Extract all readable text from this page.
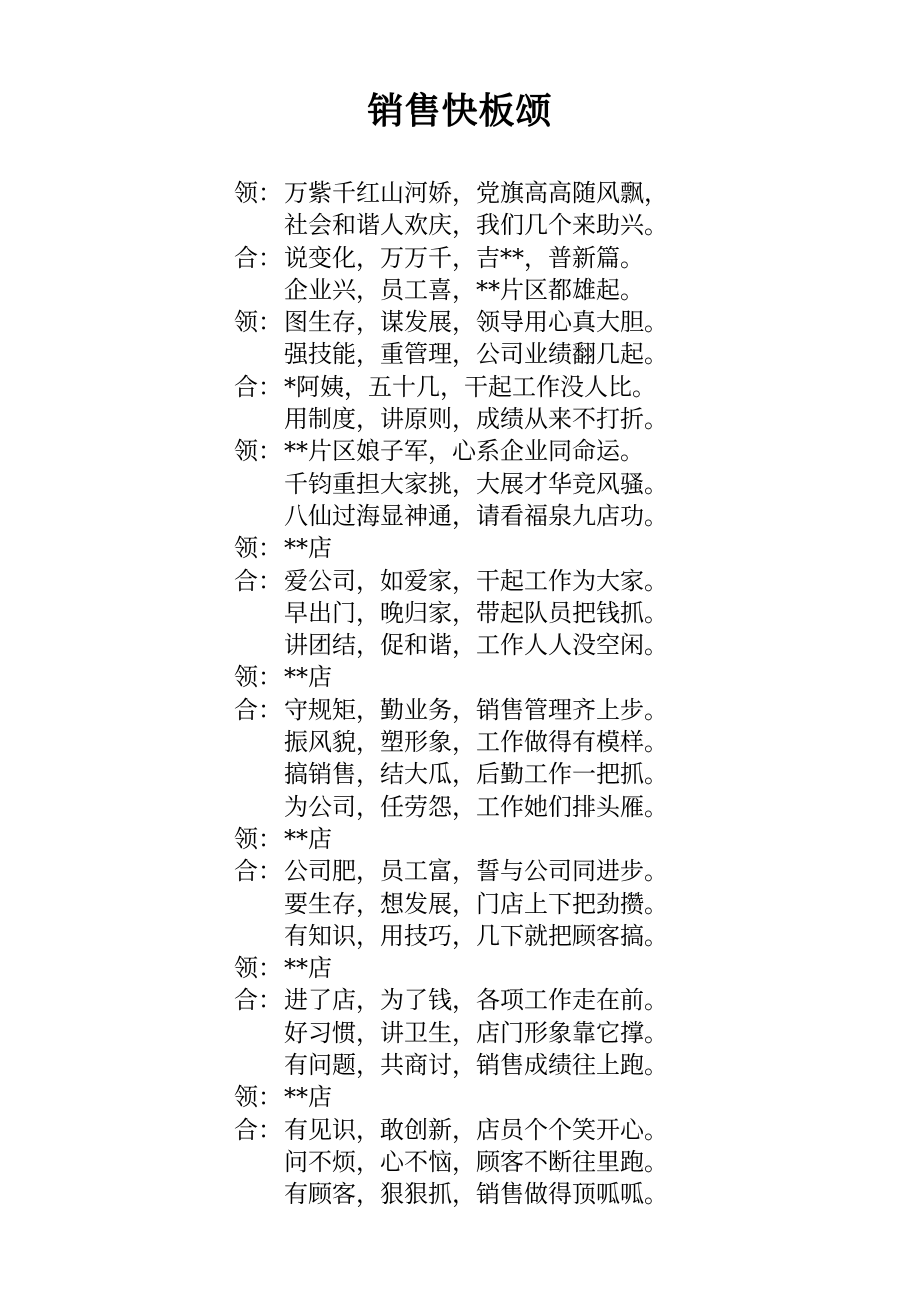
销售快板颂
领： 万紫千红山河娇，党旗高高随风飘，
社会和谐人欢庆，我们几个来助兴。
合： 说变化，万万千，吉**，普新篇。
企业兴，员工喜，**片区都雄起。
领： 图生存，谋发展，领导用心真大胆。
强技能，重管理，公司业绩翻几起。
合： *阿姨，五十几，干起工作没人比。
用制度，讲原则，成绩从来不打折。
领： **片区娘子军，心系企业同命运。
千钧重担大家挑，大展才华竞风骚。
八仙过海显神通，请看福泉九店功。
领： **店
合： 爱公司，如爱家，干起工作为大家。
早出门，晚归家，带起队员把钱抓。
讲团结，促和谐，工作人人没空闲。
领： **店
合： 守规矩，勤业务，销售管理齐上步。
振风貌，塑形象，工作做得有模样。
搞销售，结大瓜，后勤工作一把抓。
为公司，任劳怨，工作她们排头雁。
领： **店
合： 公司肥，员工富，誓与公司同进步。
要生存，想发展，门店上下把劲攒。
有知识，用技巧，几下就把顾客搞。
领： **店
合： 进了店，为了钱，各项工作走在前。
好习惯，讲卫生，店门形象靠它撑。
有问题，共商讨，销售成绩往上跑。
领： **店
合： 有见识，敢创新，店员个个笑开心。
问不烦，心不恼，顾客不断往里跑。
有顾客，狠狠抓，销售做得顶呱呱。
